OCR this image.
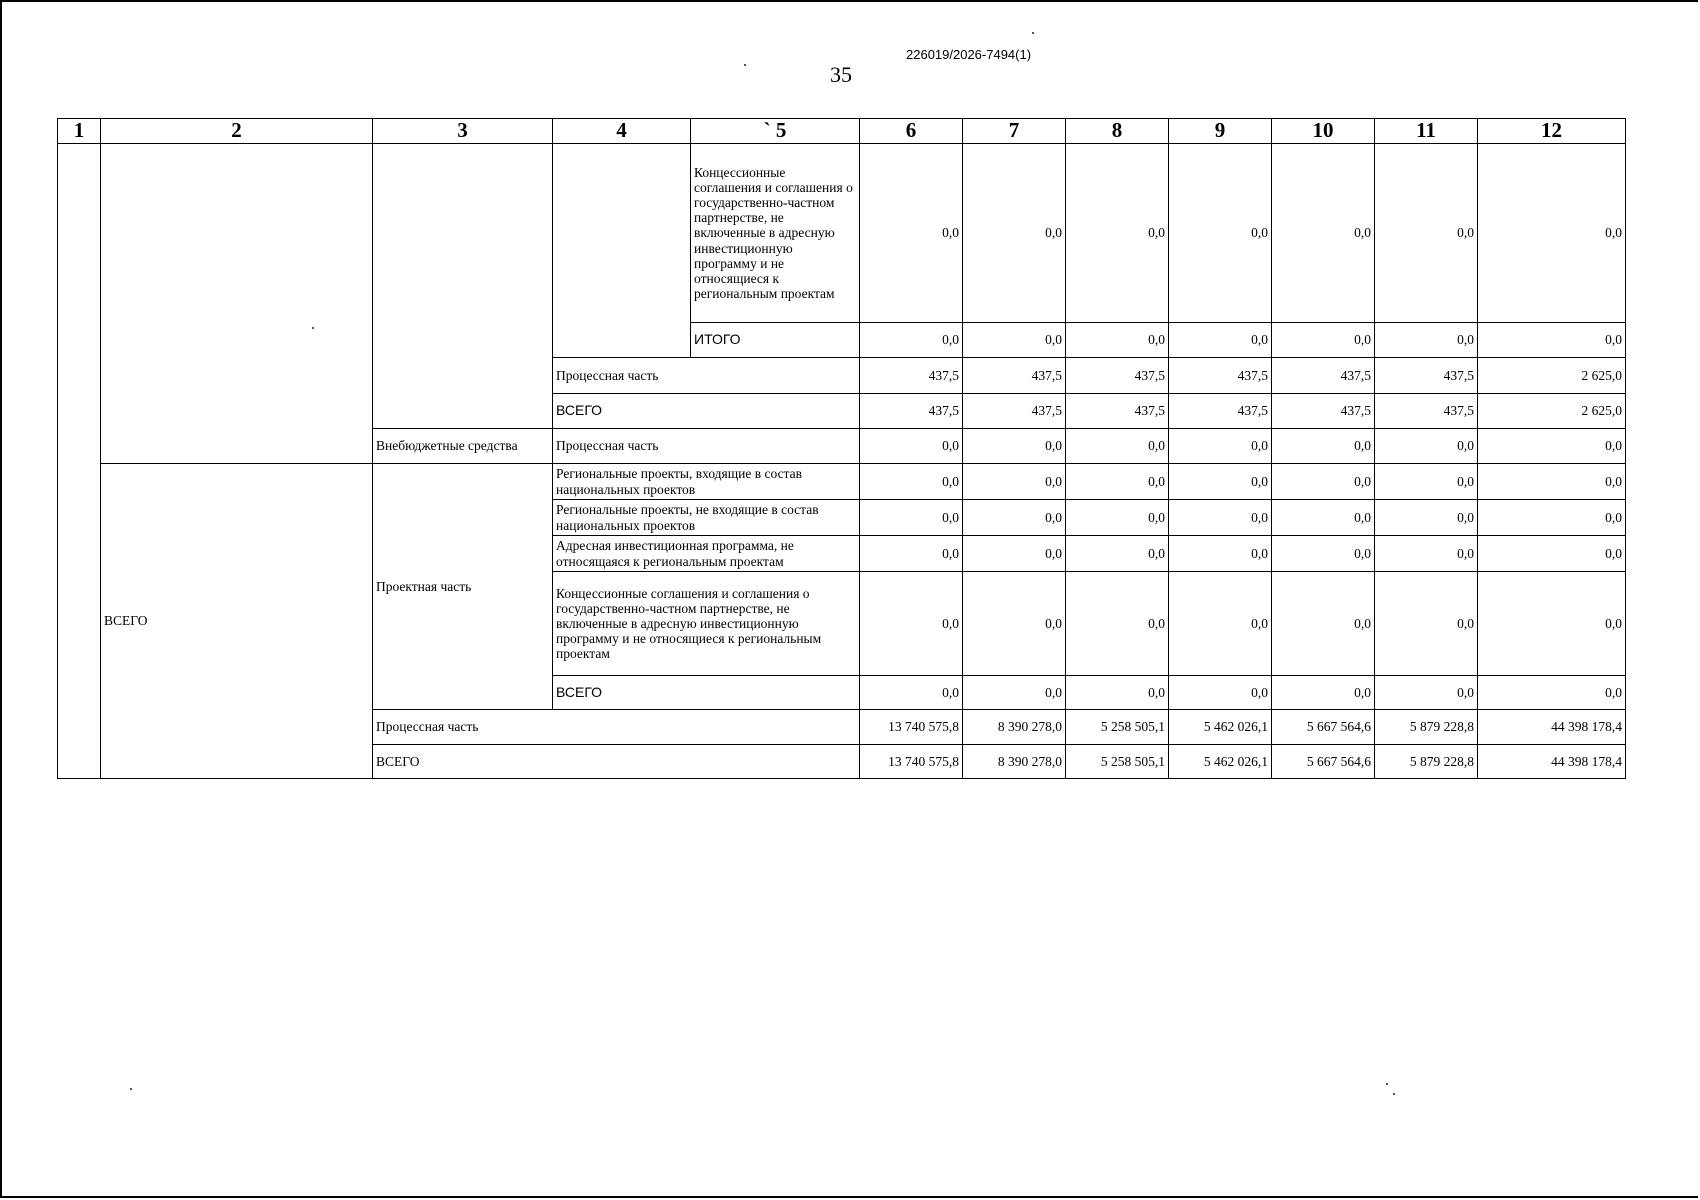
226019/2026-7494(1)
35
1	2	3	4	` 5	6	7	8	9	10	11	12
				Концессионные соглашения и соглашения о государственно-частном партнерстве, не включенные в адресную инвестиционную программу и не относящиеся к региональным проектам	0,0	0,0	0,0	0,0	0,0	0,0	0,0
				ИТОГО	0,0	0,0	0,0	0,0	0,0	0,0	0,0
			Процессная часть		437,5	437,5	437,5	437,5	437,5	437,5	2 625,0
			ВСЕГО		437,5	437,5	437,5	437,5	437,5	437,5	2 625,0
		Внебюджетные средства	Процессная часть		0,0	0,0	0,0	0,0	0,0	0,0	0,0
	ВСЕГО	Проектная часть	Региональные проекты, входящие в состав национальных проектов		0,0	0,0	0,0	0,0	0,0	0,0	0,0
			Региональные проекты, не входящие в состав национальных проектов		0,0	0,0	0,0	0,0	0,0	0,0	0,0
			Адресная инвестиционная программа, не относящаяся к региональным проектам		0,0	0,0	0,0	0,0	0,0	0,0	0,0
			Концессионные соглашения и соглашения о государственно-частном партнерстве, не включенные в адресную инвестиционную программу и не относящиеся к региональным проектам		0,0	0,0	0,0	0,0	0,0	0,0	0,0
			ВСЕГО		0,0	0,0	0,0	0,0	0,0	0,0	0,0
		Процессная часть			13 740 575,8	8 390 278,0	5 258 505,1	5 462 026,1	5 667 564,6	5 879 228,8	44 398 178,4
		ВСЕГО			13 740 575,8	8 390 278,0	5 258 505,1	5 462 026,1	5 667 564,6	5 879 228,8	44 398 178,4
